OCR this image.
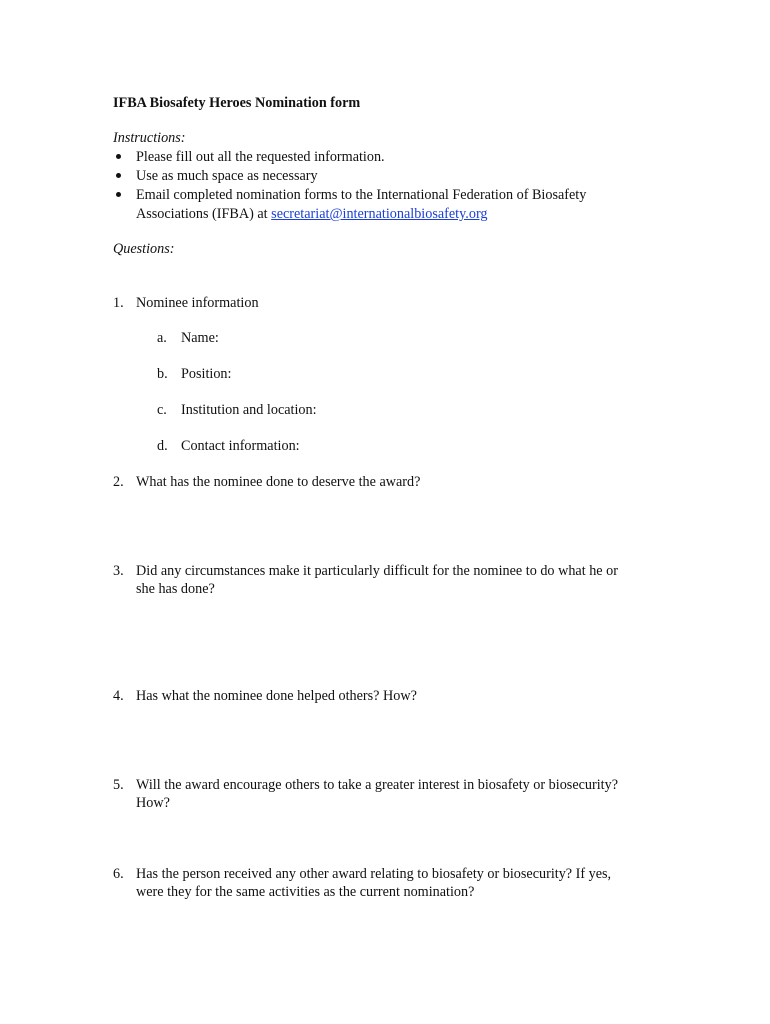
IFBA Biosafety Heroes Nomination form
Instructions:
Please fill out all the requested information.
Use as much space as necessary
Email completed nomination forms to the International Federation of Biosafety
Associations (IFBA) at secretariat@internationalbiosafety.org
Questions:
1. Nominee information
a. Name:
b. Position:
c. Institution and location:
d. Contact information:
2. What has the nominee done to deserve the award?
3. Did any circumstances make it particularly difficult for the nominee to do what he or
she has done?
4. Has what the nominee done helped others? How?
5. Will the award encourage others to take a greater interest in biosafety or biosecurity?
How?
6. Has the person received any other award relating to biosafety or biosecurity? If yes,
were they for the same activities as the current nomination?
